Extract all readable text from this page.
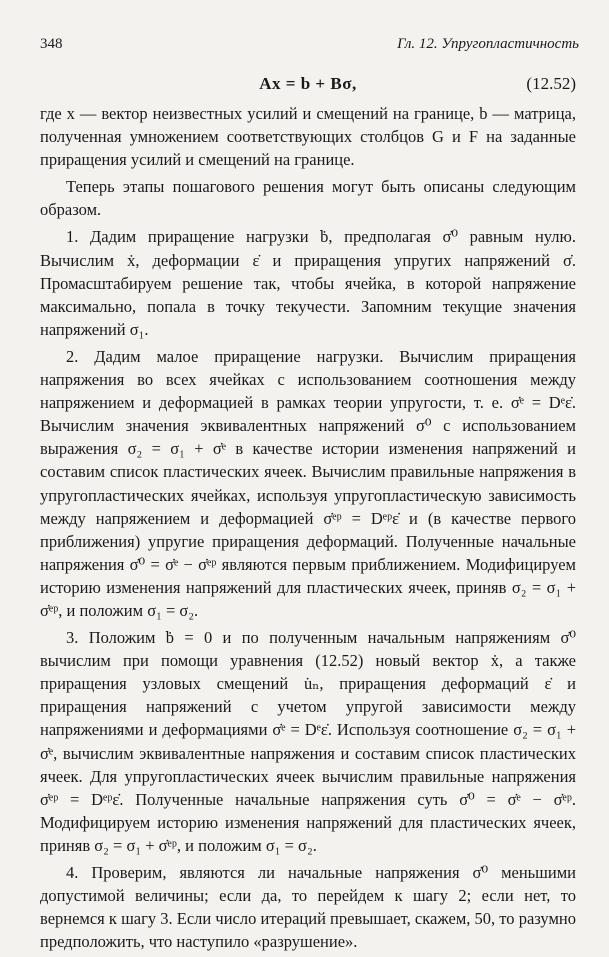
348	Гл. 12. Упругопластичность
Ax = b + Bσ,	(12.52)

где x — вектор неизвестных усилий и смещений на границе, b — матрица, полученная умножением соответствующих столбцов G и F на заданные приращения усилий и смещений на границе.

Теперь этапы пошагового решения могут быть описаны следующим образом.

1. Дадим приращение нагрузки ḃ, предполагая σ̇⁰ равным нулю. Вычислим ẋ, деформации ε̇ и приращения упругих напряжений σ̇. Промасштабируем решение так, чтобы ячейка, в которой напряжение максимально, попала в точку текучести. Запомним текущие значения напряжений σ₁.

2. Дадим малое приращение нагрузки. Вычислим приращения напряжения во всех ячейках с использованием соотношения между напряжением и деформацией в рамках теории упругости, т. е. σ̇ᵉ = Dᵉε̇. Вычислим значения эквивалентных напряжений σ⁰ с использованием выражения σ₂ = σ₁ + σ̇ᵉ в качестве истории изменения напряжений и составим список пластических ячеек. Вычислим правильные напряжения в упругопластических ячейках, используя упругопластическую зависимость между напряжением и деформацией σ̇ᵉᵖ = Dᵉᵖε̇ и (в качестве первого приближения) упругие приращения деформаций. Полученные начальные напряжения σ̇⁰ = σ̇ᵉ − σ̇ᵉᵖ являются первым приближением. Модифицируем историю изменения напряжений для пластических ячеек, приняв σ₂ = σ₁ + σ̇ᵉᵖ, и положим σ₁ = σ₂.

3. Положим ḃ = 0 и по полученным начальным напряжениям σ̇⁰ вычислим при помощи уравнения (12.52) новый вектор ẋ, а также приращения узловых смещений u̇ₙ, приращения деформаций ε̇ и приращения напряжений с учетом упругой зависимости между напряжениями и деформациями σ̇ᵉ = Dᵉε̇. Используя соотношение σ₂ = σ₁ + σ̇ᵉ, вычислим эквивалентные напряжения и составим список пластических ячеек. Для упругопластических ячеек вычислим правильные напряжения σ̇ᵉᵖ = Dᵉᵖε̇. Полученные начальные напряжения суть σ̇⁰ = σ̇ᵉ − σ̇ᵉᵖ. Модифицируем историю изменения напряжений для пластических ячеек, приняв σ₂ = σ₁ + σ̇ᵉᵖ, и положим σ₁ = σ₂.

4. Проверим, являются ли начальные напряжения σ̇⁰ меньшими допустимой величины; если да, то перейдем к шагу 2; если нет, то вернемся к шагу 3. Если число итераций превышает, скажем, 50, то разумно предположить, что наступило «разрушение».
